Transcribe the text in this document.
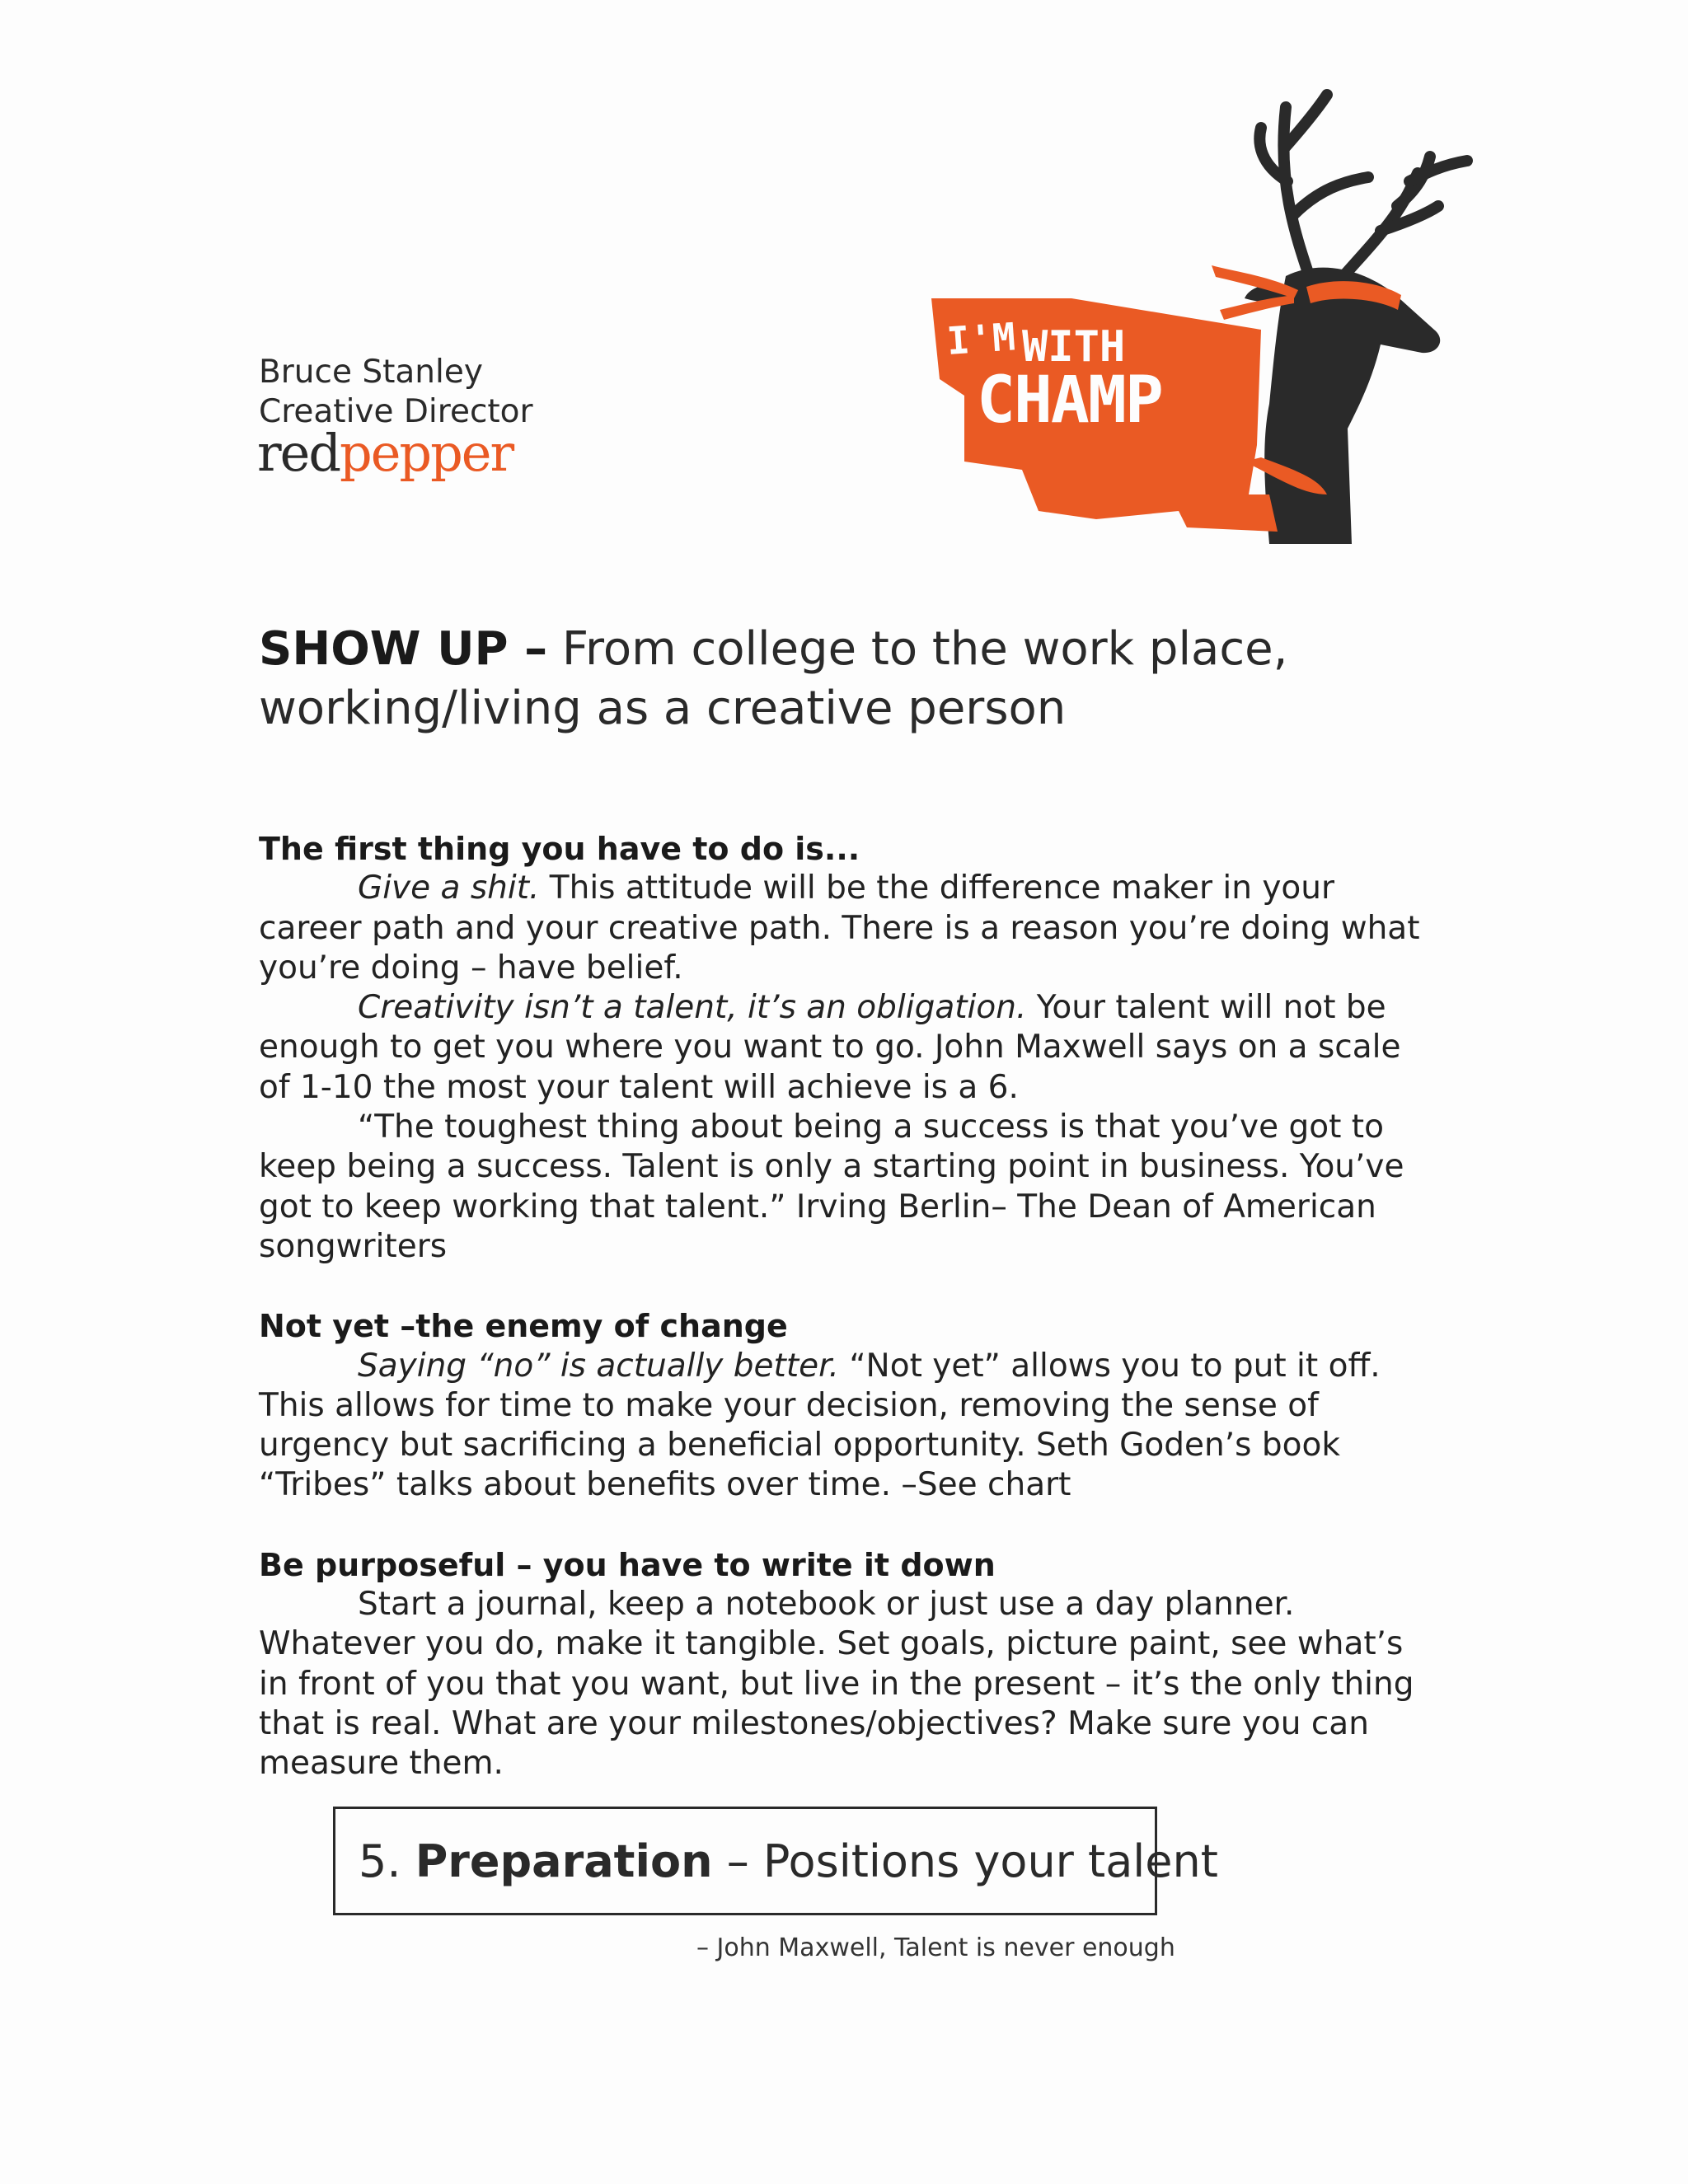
Bruce Stanley
Creative Director
redpepper
I'M WITH
CHAMP
SHOW UP – From college to the work place,
working/living as a creative person
The first thing you have to do is...

Give a shit. This attitude will be the difference maker in your career path and your creative path. There is a reason you’re doing what you’re doing – have belief.

Creativity isn’t a talent, it’s an obligation. Your talent will not be enough to get you where you want to go. John Maxwell says on a scale of 1-10 the most your talent will achieve is a 6.

“The toughest thing about being a success is that you’ve got to keep being a success. Talent is only a starting point in business. You’ve got to keep working that talent.” Irving Berlin– The Dean of American songwriters

Not yet –the enemy of change

Saying “no” is actually better. “Not yet” allows you to put it off. This allows for time to make your decision, removing the sense of urgency but sacrificing a beneficial opportunity. Seth Goden’s book “Tribes” talks about benefits over time. –See chart

Be purposeful – you have to write it down

Start a journal, keep a notebook or just use a day planner. Whatever you do, make it tangible. Set goals, picture paint, see what’s in front of you that you want, but live in the present – it’s the only thing that is real. What are your milestones/objectives? Make sure you can measure them.

5. Preparation – Positions your talent
– John Maxwell, Talent is never enough
